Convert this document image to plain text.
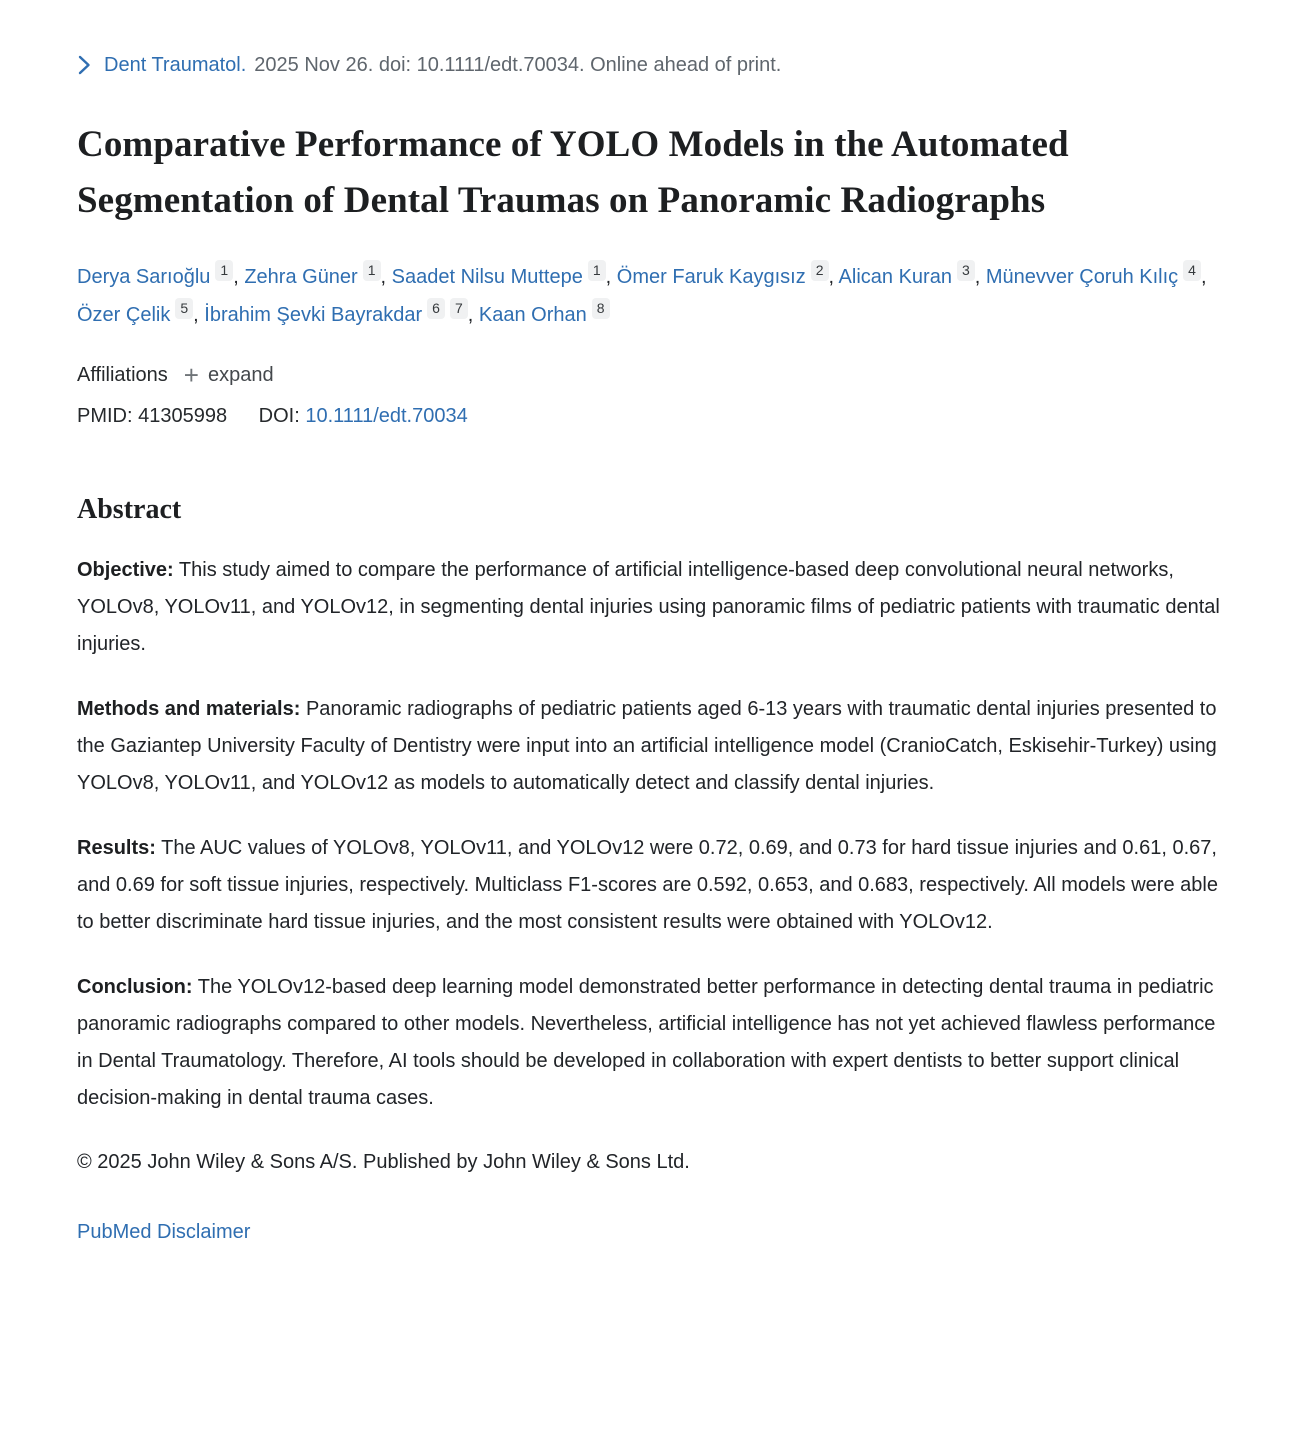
Dent Traumatol. 2025 Nov 26. doi: 10.1111/edt.70034. Online ahead of print.
Comparative Performance of YOLO Models in the Automated Segmentation of Dental Traumas on Panoramic Radiographs
Derya Sarıoğlu 1 , Zehra Güner 1 , Saadet Nilsu Muttepe 1 , Ömer Faruk Kaygısız 2 , Alican Kuran 3 , Münevver Çoruh Kılıç 4 , Özer Çelik 5 , İbrahim Şevki Bayrakdar 6 7 , Kaan Orhan 8
Affiliations + expand
PMID: 41305998 DOI: 10.1111/edt.70034
Abstract

Objective: This study aimed to compare the performance of artificial intelligence-based deep convolutional neural networks, YOLOv8, YOLOv11, and YOLOv12, in segmenting dental injuries using panoramic films of pediatric patients with traumatic dental injuries.

Methods and materials: Panoramic radiographs of pediatric patients aged 6-13 years with traumatic dental injuries presented to the Gaziantep University Faculty of Dentistry were input into an artificial intelligence model (CranioCatch, Eskisehir-Turkey) using YOLOv8, YOLOv11, and YOLOv12 as models to automatically detect and classify dental injuries.

Results: The AUC values of YOLOv8, YOLOv11, and YOLOv12 were 0.72, 0.69, and 0.73 for hard tissue injuries and 0.61, 0.67, and 0.69 for soft tissue injuries, respectively. Multiclass F1-scores are 0.592, 0.653, and 0.683, respectively. All models were able to better discriminate hard tissue injuries, and the most consistent results were obtained with YOLOv12.

Conclusion: The YOLOv12-based deep learning model demonstrated better performance in detecting dental trauma in pediatric panoramic radiographs compared to other models. Nevertheless, artificial intelligence has not yet achieved flawless performance in Dental Traumatology. Therefore, AI tools should be developed in collaboration with expert dentists to better support clinical decision-making in dental trauma cases.

© 2025 John Wiley & Sons A/S. Published by John Wiley & Sons Ltd.
PubMed Disclaimer
